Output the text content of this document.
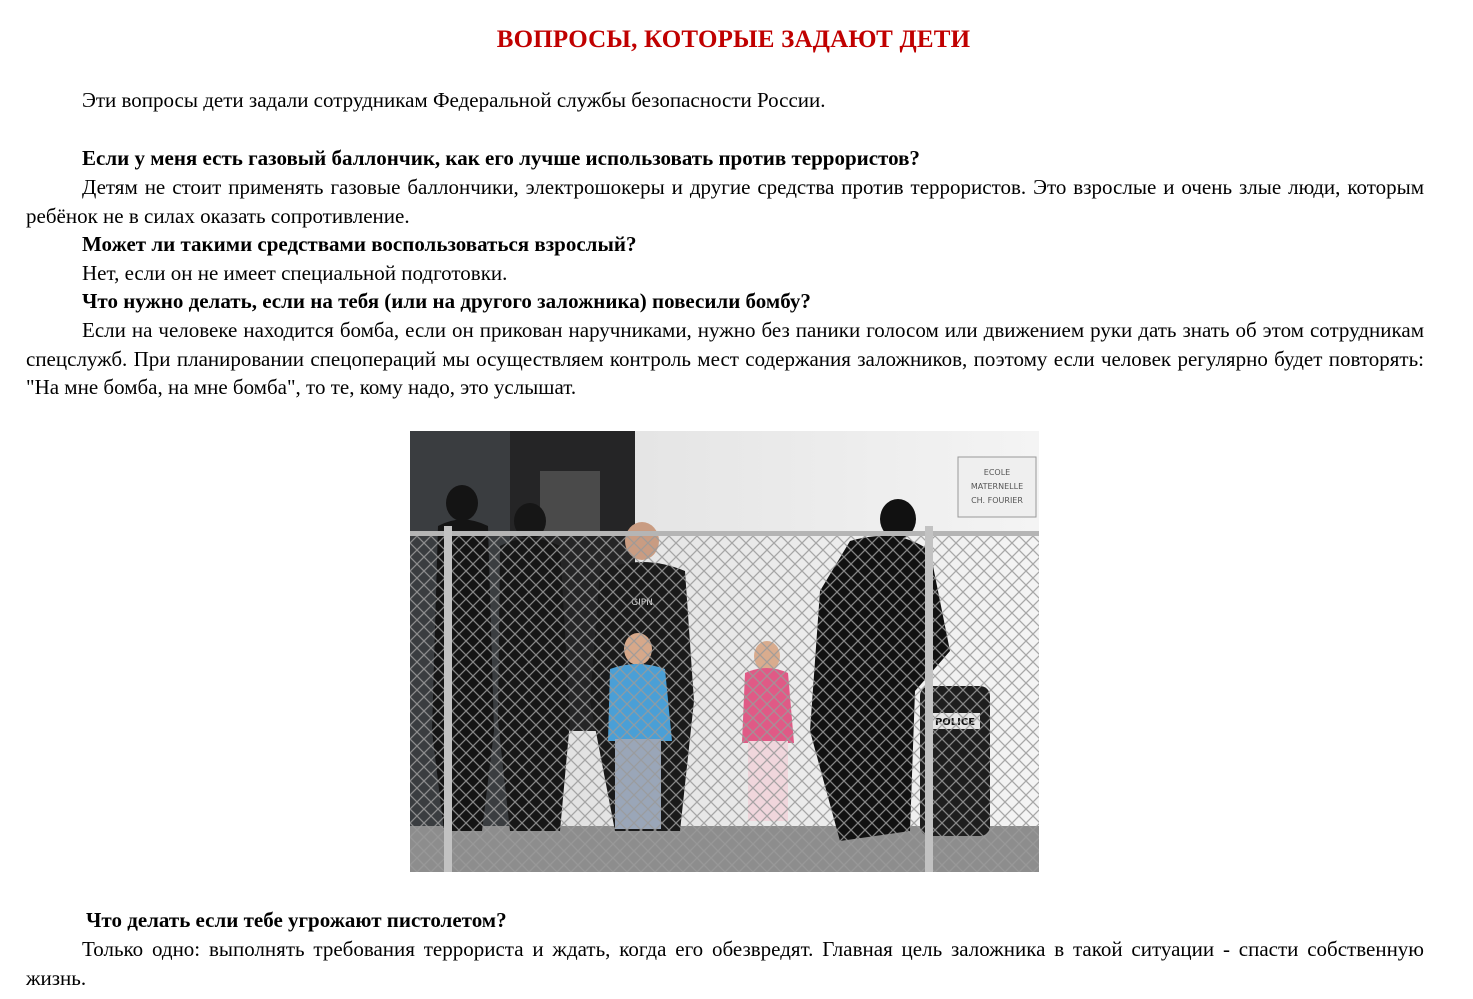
ВОПРОСЫ, КОТОРЫЕ ЗАДАЮТ ДЕТИ
Эти вопросы дети задали сотрудникам Федеральной службы безопасности России.
Если у меня есть газовый баллончик, как его лучше использовать против террористов?
Детям не стоит применять газовые баллончики, электрошокеры и другие средства против террористов. Это взрослые и очень злые люди, которым ребёнок не в силах оказать сопротивление.
Может ли такими средствами воспользоваться взрослый?
Нет, если он не имеет специальной подготовки.
Что нужно делать, если на тебя (или на другого заложника) повесили бомбу?
Если на человеке находится бомба, если он прикован наручниками, нужно без паники голосом или движением руки дать знать об этом сотрудникам спецслужб. При планировании спецопераций мы осуществляем контроль мест содержания заложников, поэтому если человек регулярно будет повторять: "На мне бомба, на мне бомба", то те, кому надо, это услышат.
ECOLE
MATERNELLE
CH. FOURIER
Что делать если тебе угрожают пистолетом?
Только одно: выполнять требования террориста и ждать, когда его обезвредят. Главная цель заложника в такой ситуации - спасти собственную жизнь.
